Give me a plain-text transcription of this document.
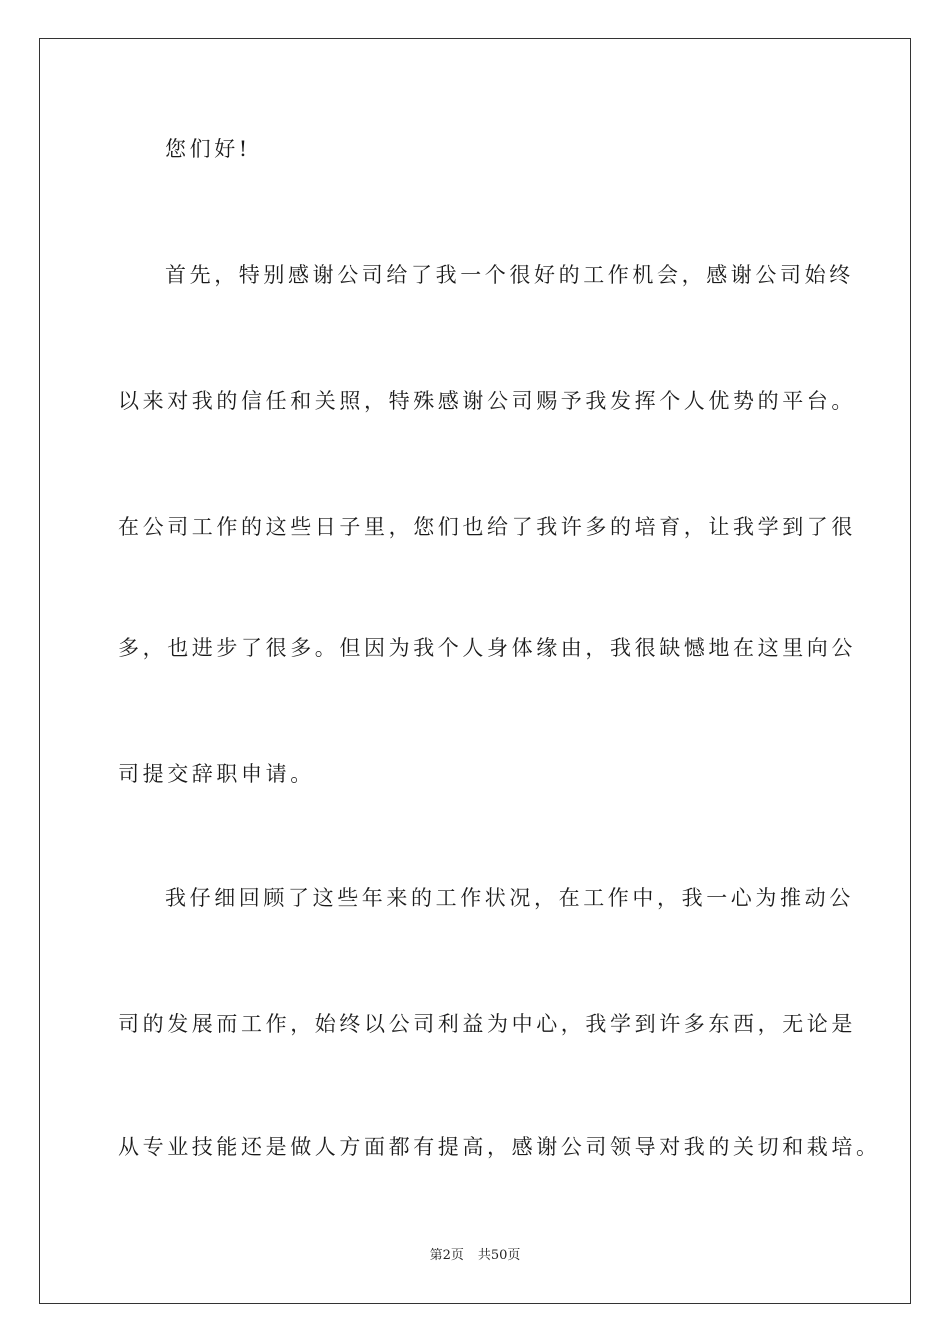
您们好!
首先，特别感谢公司给了我一个很好的工作机会，感谢公司始终
以来对我的信任和关照，特殊感谢公司赐予我发挥个人优势的平台。
在公司工作的这些日子里，您们也给了我许多的培育，让我学到了很
多，也进步了很多。但因为我个人身体缘由，我很缺憾地在这里向公
司提交辞职申请。
我仔细回顾了这些年来的工作状况，在工作中，我一心为推动公
司的发展而工作，始终以公司利益为中心，我学到许多东西，无论是
从专业技能还是做人方面都有提高，感谢公司领导对我的关切和栽培。
第2页 共50页
